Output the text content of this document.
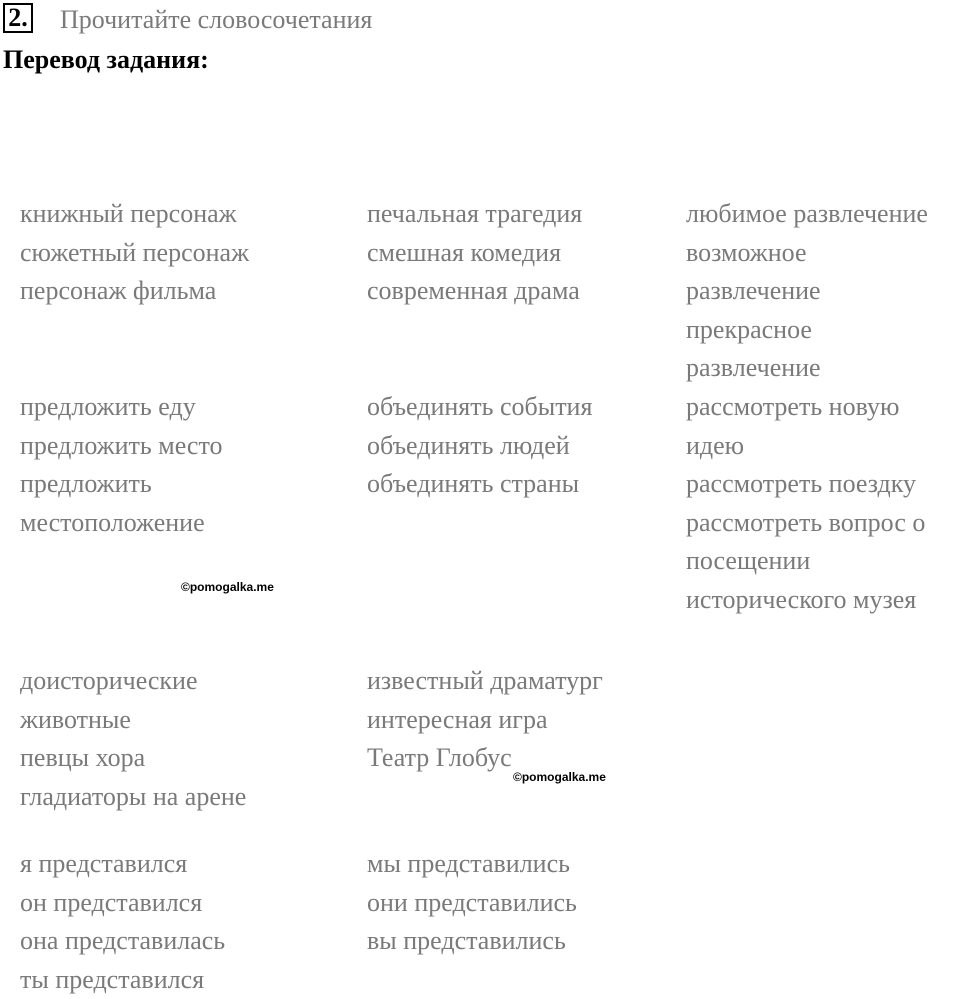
2. Прочитайте словосочетания
Перевод задания:
книжный персонаж
сюжетный персонаж
персонаж фильма
печальная трагедия
смешная комедия
современная драма
любимое развлечение
возможное
развлечение
прекрасное
развлечение
предложить еду
предложить место
предложить
местоположение
объединять события
объединять людей
объединять страны
рассмотреть новую
идею
рассмотреть поездку
рассмотреть вопрос о
посещении
исторического музея
доисторические
животные
певцы хора
гладиаторы на арене
известный драматург
интересная игра
Театр Глобус
я представился
он представился
она представилась
ты представился
мы представились
они представились
вы представились
©pomogalka.me
©pomogalka.me
